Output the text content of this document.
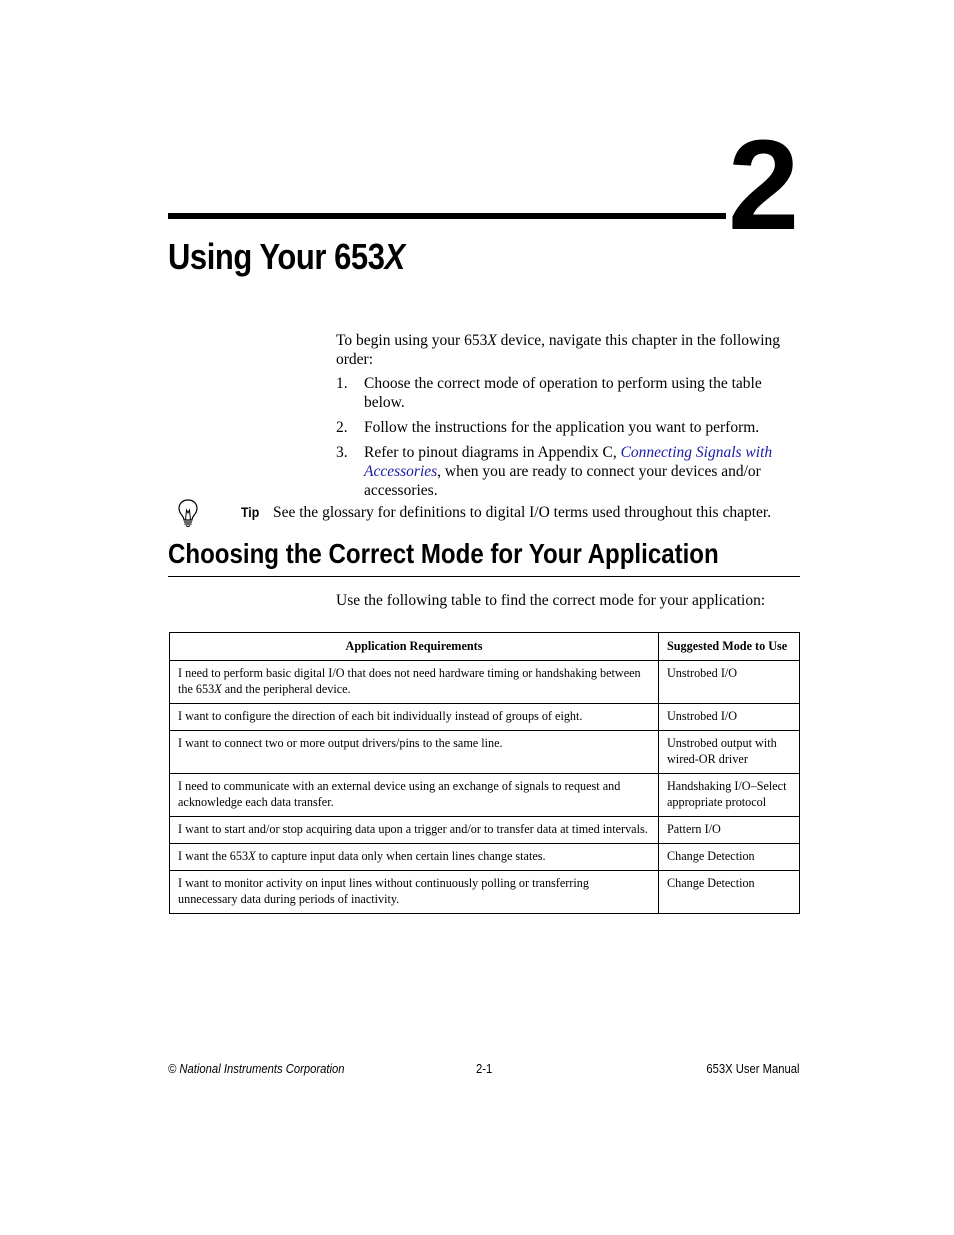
2
Using Your 653X
To begin using your 653X device, navigate this chapter in the following order:
1. Choose the correct mode of operation to perform using the table below.
2. Follow the instructions for the application you want to perform.
3. Refer to pinout diagrams in Appendix C, Connecting Signals with Accessories, when you are ready to connect your devices and/or accessories.
Tip See the glossary for definitions to digital I/O terms used throughout this chapter.
Choosing the Correct Mode for Your Application
Use the following table to find the correct mode for your application:
Application Requirements	Suggested Mode to Use
I need to perform basic digital I/O that does not need hardware timing or handshaking between the 653X and the peripheral device.	Unstrobed I/O
I want to configure the direction of each bit individually instead of groups of eight.	Unstrobed I/O
I want to connect two or more output drivers/pins to the same line.	Unstrobed output with wired-OR driver
I need to communicate with an external device using an exchange of signals to request and acknowledge each data transfer.	Handshaking I/O–Select appropriate protocol
I want to start and/or stop acquiring data upon a trigger and/or to transfer data at timed intervals.	Pattern I/O
I want the 653X to capture input data only when certain lines change states.	Change Detection
I want to monitor activity on input lines without continuously polling or transferring unnecessary data during periods of inactivity.	Change Detection
© National Instruments Corporation	2-1	653X User Manual
